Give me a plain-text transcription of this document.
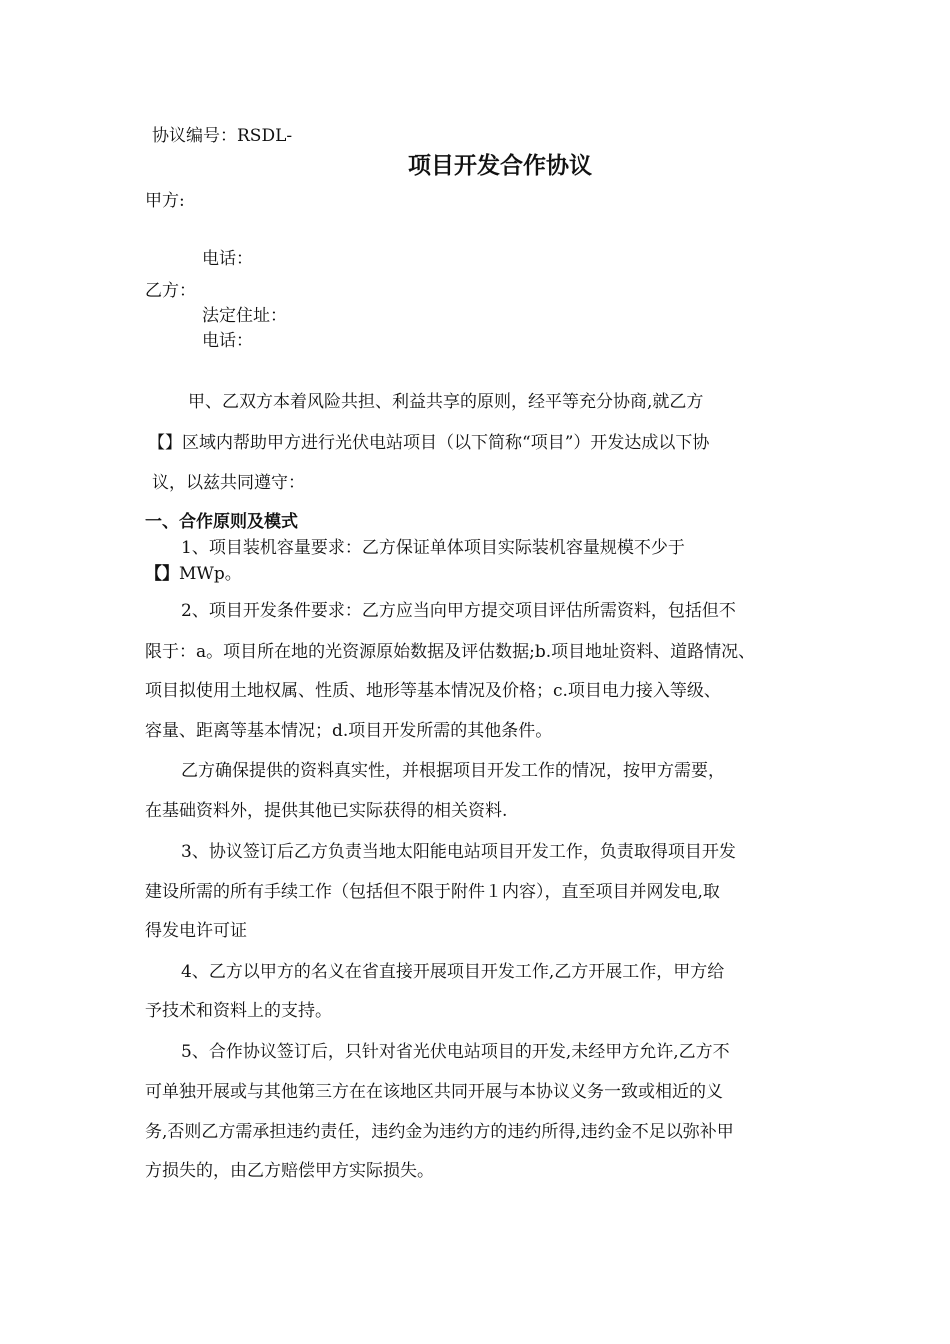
协议编号：RSDL-
项目开发合作协议
甲方:
电话：
乙方：
法定住址：
电话：
甲、乙双方本着风险共担、利益共享的原则，经平等充分协商,就乙方
【】区域内帮助甲方进行光伏电站项目（以下简称“项目”）开发达成以下协
议，以兹共同遵守：
一、合作原则及模式
1、项目装机容量要求：乙方保证单体项目实际装机容量规模不少于
【】MWp。
2、项目开发条件要求：乙方应当向甲方提交项目评估所需资料，包括但不
限于：a。项目所在地的光资源原始数据及评估数据;b.项目地址资料、道路情况、
项目拟使用土地权属、性质、地形等基本情况及价格；c.项目电力接入等级、
容量、距离等基本情况；d.项目开发所需的其他条件。
乙方确保提供的资料真实性，并根据项目开发工作的情况，按甲方需要，
在基础资料外，提供其他已实际获得的相关资料.
3、协议签订后乙方负责当地太阳能电站项目开发工作，负责取得项目开发
建设所需的所有手续工作（包括但不限于附件１内容），直至项目并网发电,取
得发电许可证
4、乙方以甲方的名义在省直接开展项目开发工作,乙方开展工作，甲方给
予技术和资料上的支持。
5、合作协议签订后，只针对省光伏电站项目的开发,未经甲方允许,乙方不
可单独开展或与其他第三方在在该地区共同开展与本协议义务一致或相近的义
务,否则乙方需承担违约责任，违约金为违约方的违约所得,违约金不足以弥补甲
方损失的，由乙方赔偿甲方实际损失。
